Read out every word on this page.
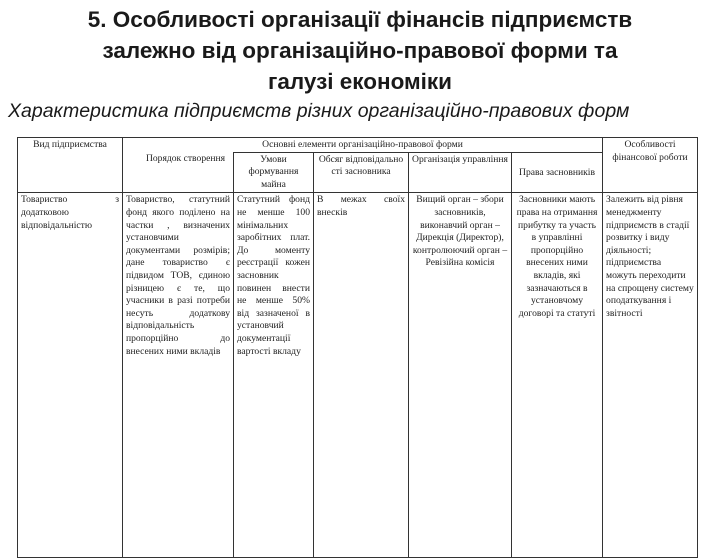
5. Особливості організації фінансів підприємств
залежно від організаційно-правової форми та
галузі економіки
Характеристика підприємств різних організаційно-правових форм
Вид підприємства	Основні елементи організаційно-правової форми					Особливості фінансової роботи
	Порядок створення	Умови формування майна	Обсяг відповідально сті засновника	Організація управління	Права засновників	
Товариство з додатковою відповідальністю	Товариство, статутний фонд якого поділено на частки , визначених установчими документами розмірів; дане товариство є підвидом ТОВ, єдиною різницею є те, що учасники в разі потреби несуть додаткову відповідальність пропорційно до внесених ними вкладів	Статутний фонд не менше 100 мінімальних заробітних плат. До моменту реєстрації кожен засновник повинен внести не менше 50% від зазначеної в установчий документації вартості вкладу	В межах своїх внесків	Вищий орган – збори засновників, виконавчий орган – Дирекція (Директор), контролюючий орган – Ревізійна комісія	Засновники мають права на отримання прибутку та участь в управлінні пропорційно внесених ними вкладів, які зазначаються в установчому договорі та статуті	Залежить від рівня менеджменту підприємств в стадії розвитку і виду діяльності; підприємства можуть переходити на спрощену систему оподаткування і звітності
